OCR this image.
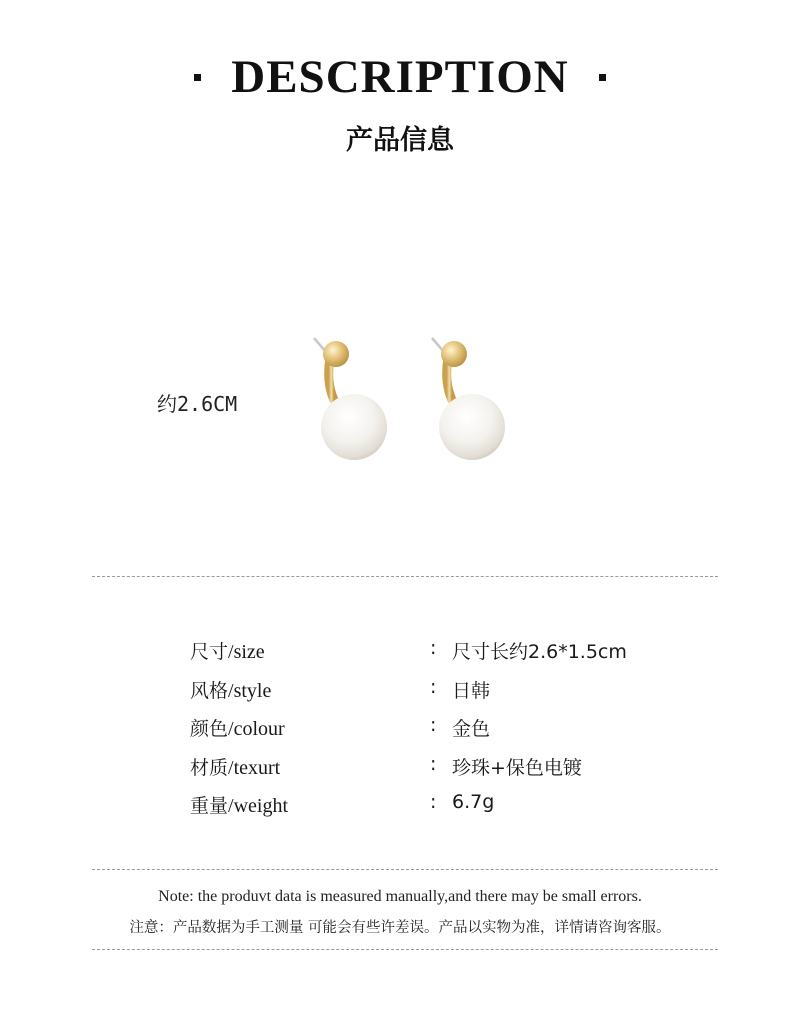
DESCRIPTION
产品信息
约2.6CM
尺寸/size	: 尺寸长约2.6*1.5cm
风格/style	: 日韩
颜色/colour	: 金色
材质/texurt	: 珍珠+保色电镀
重量/weight	: 6.7g
Note: the produvt data is measured manually,and there may be small errors.
注意：产品数据为手工测量 可能会有些许差误。产品以实物为准，详情请咨询客服。
